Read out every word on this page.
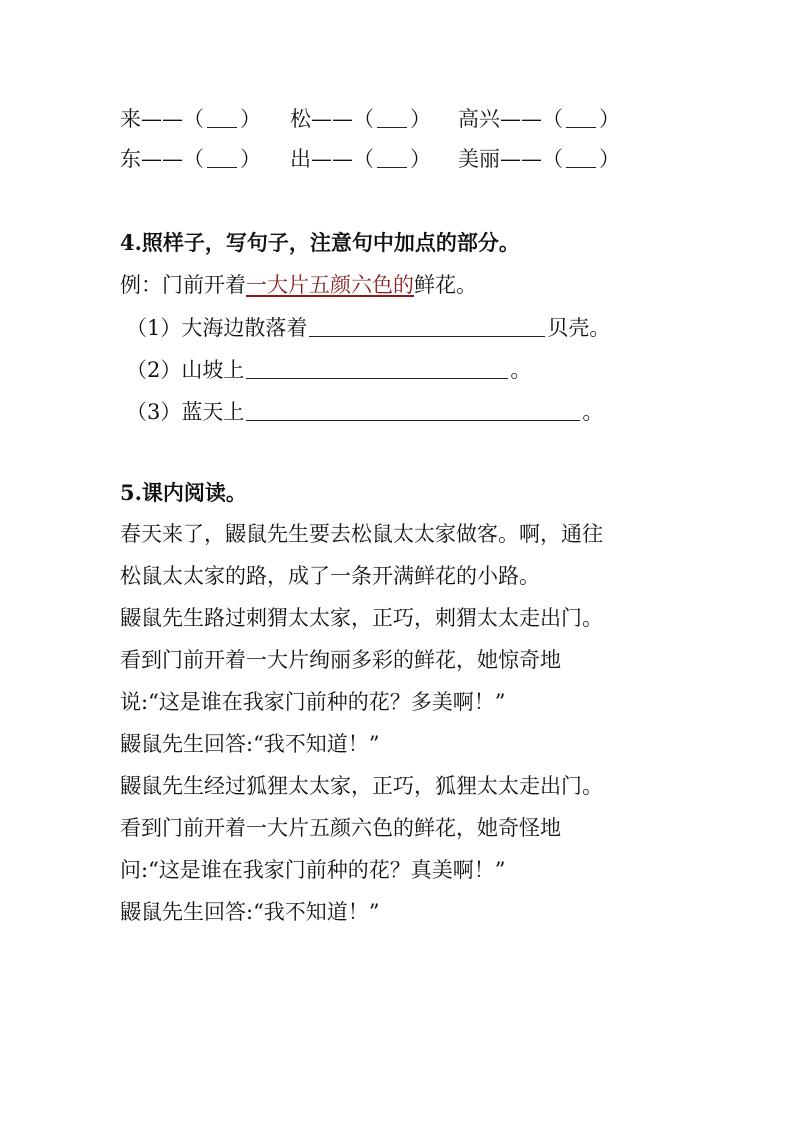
来——（ ） 松——（ ） 高兴——（ ）
东——（ ） 出——（ ） 美丽——（ ）
4.照样子，写句子，注意句中加点的部分。
例：门前开着一大片五颜六色的鲜花。
（1）大海边散落着	贝壳。
（2）山坡上	。
（3）蓝天上	。
5.课内阅读。
春天来了，鼹鼠先生要去松鼠太太家做客。啊，通往
松鼠太太家的路，成了一条开满鲜花的小路。
鼹鼠先生路过刺猬太太家，正巧，刺猬太太走出门。
看到门前开着一大片绚丽多彩的鲜花，她惊奇地
说:“这是谁在我家门前种的花？多美啊！”
鼹鼠先生回答:“我不知道！”
鼹鼠先生经过狐狸太太家，正巧，狐狸太太走出门。
看到门前开着一大片五颜六色的鲜花，她奇怪地
问:“这是谁在我家门前种的花？真美啊！”
鼹鼠先生回答:“我不知道！”
